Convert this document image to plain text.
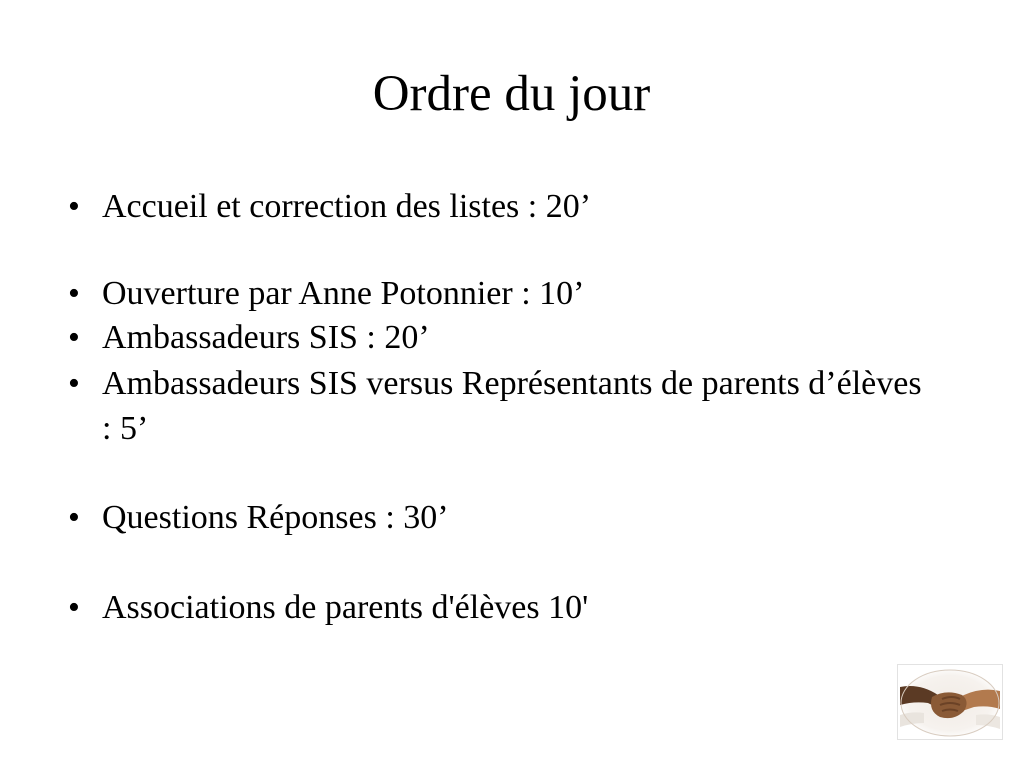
Ordre du jour
• Accueil et correction des listes : 20’
• Ouverture par Anne Potonnier : 10’
• Ambassadeurs SIS : 20’
• Ambassadeurs SIS versus Représentants de parents d’élèves : 5’
• Questions Réponses : 30’
• Associations de parents d'élèves 10'
